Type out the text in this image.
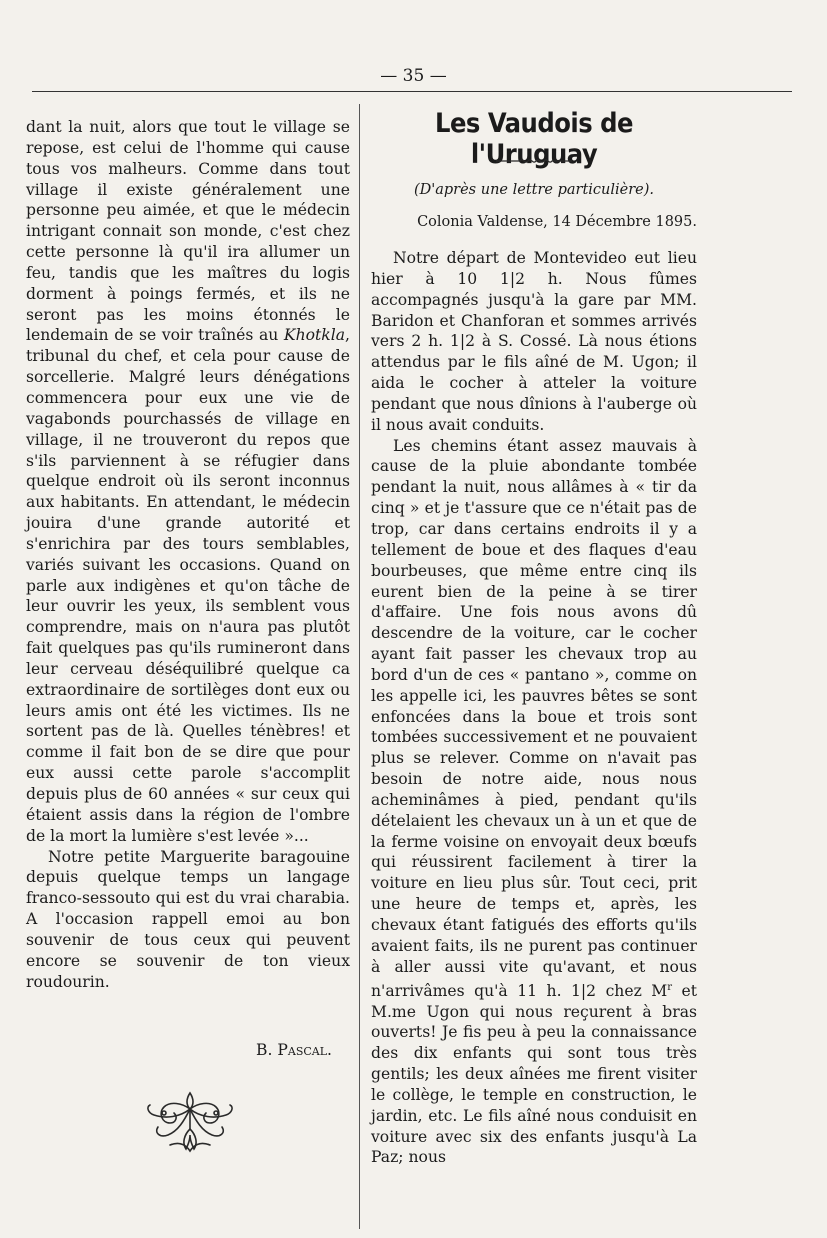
— 35 —

dant la nuit, alors que tout le village se repose, est celui de l'homme qui cause tous vos malheurs. Comme dans tout village il existe généralement une personne peu aimée, et que le médecin intrigant connait son monde, c'est chez cette personne là qu'il ira allumer un feu, tandis que les maîtres du logis dorment à poings fermés, et ils ne seront pas les moins étonnés le lendemain de se voir traînés au Khotkla, tribunal du chef, et cela pour cause de sorcellerie. Malgré leurs dénégations commencera pour eux une vie de vagabonds pourchassés de village en village, il ne trouveront du repos que s'ils parviennent à se réfugier dans quelque endroit où ils seront inconnus aux habitants. En attendant, le médecin jouira d'une grande autorité et s'enrichira par des tours semblables, variés suivant les occasions. Quand on parle aux indigènes et qu'on tâche de leur ouvrir les yeux, ils semblent vous comprendre, mais on n'aura pas plutôt fait quelques pas qu'ils rumineront dans leur cerveau déséquilibré quelque ca extraordinaire de sortilèges dont eux ou leurs amis ont été les victimes. Ils ne sortent pas de là. Quelles ténèbres! et comme il fait bon de se dire que pour eux aussi cette parole s'accomplit depuis plus de 60 années « sur ceux qui étaient assis dans la région de l'ombre de la mort la lumière s'est levée »...

Notre petite Marguerite baragouine depuis quelque temps un langage franco-sessouto qui est du vrai charabia. A l'occasion rappell emoi au bon souvenir de tous ceux qui peuvent encore se souvenir de ton vieux roudourin.

B. Pascal.
Les Vaudois de l'Uruguay
(D'après une lettre particulière).
Colonia Valdense, 14 Décembre 1895.

Notre départ de Montevideo eut lieu hier à 10 1|2 h. Nous fûmes accompagnés jusqu'à la gare par MM. Baridon et Chanforan et sommes arrivés vers 2 h. 1|2 à S. Cossé. Là nous étions attendus par le fils aîné de M. Ugon; il aida le cocher à atteler la voiture pendant que nous dînions à l'auberge où il nous avait conduits.

Les chemins étant assez mauvais à cause de la pluie abondante tombée pendant la nuit, nous allâmes à « tir da cinq » et je t'assure que ce n'était pas de trop, car dans certains endroits il y a tellement de boue et des flaques d'eau bourbeuses, que même entre cinq ils eurent bien de la peine à se tirer d'affaire. Une fois nous avons dû descendre de la voiture, car le cocher ayant fait passer les chevaux trop au bord d'un de ces « pantano », comme on les appelle ici, les pauvres bêtes se sont enfoncées dans la boue et trois sont tombées successivement et ne pouvaient plus se relever. Comme on n'avait pas besoin de notre aide, nous nous acheminâmes à pied, pendant qu'ils dételaient les chevaux un à un et que de la ferme voisine on envoyait deux bœufs qui réussirent facilement à tirer la voiture en lieu plus sûr. Tout ceci, prit une heure de temps et, après, les chevaux étant fatigués des efforts qu'ils avaient faits, ils ne purent pas continuer à aller aussi vite qu'avant, et nous n'arrivâmes qu'à 11 h. 1|2 chez $M^r$ et M.me Ugon qui nous reçurent à bras ouverts! Je fis peu à peu la connaissance des dix enfants qui sont tous très gentils; les deux aînées me firent visiter le collège, le temple en construction, le jardin, etc. Le fils aîné nous conduisit en voiture avec six des enfants jusqu'à La Paz; nous
